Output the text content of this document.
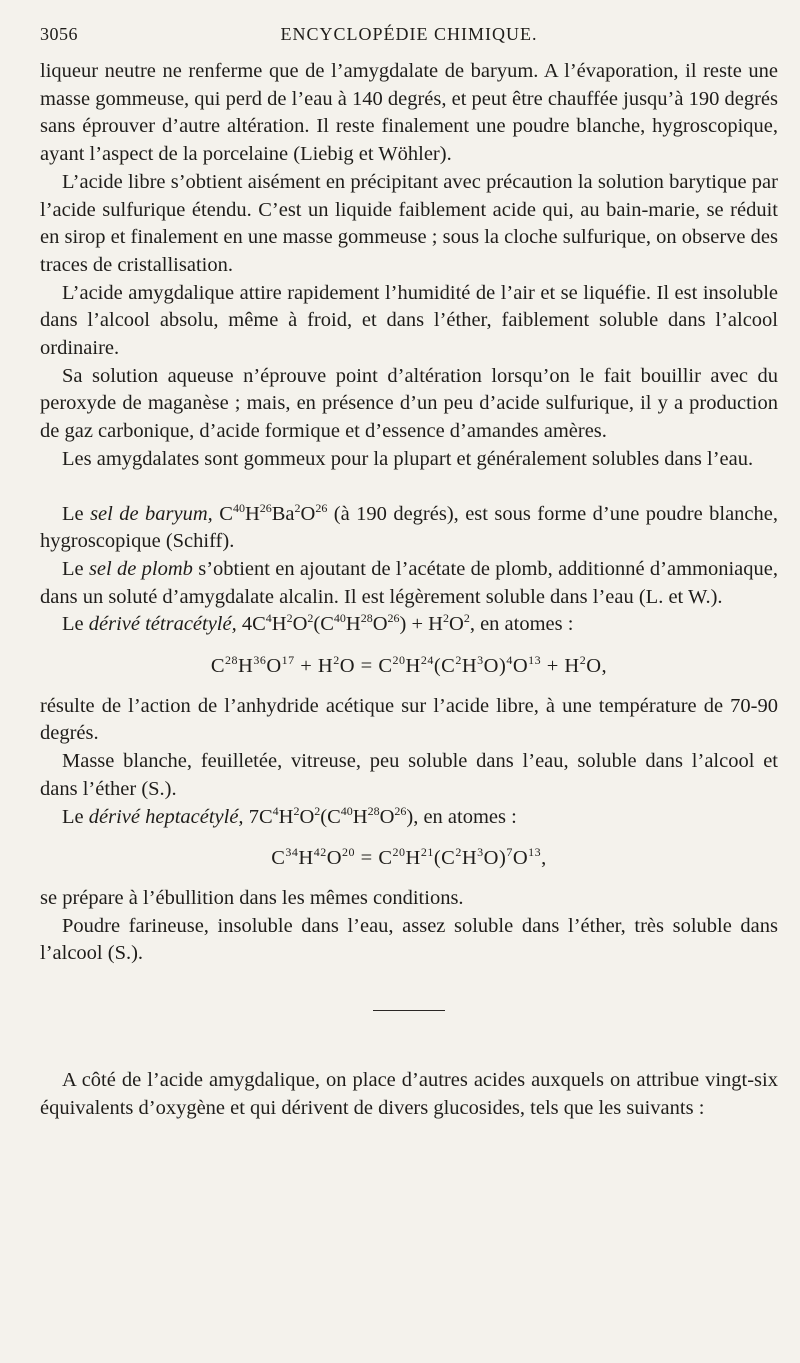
3056	ENCYCLOPÉDIE CHIMIQUE.

liqueur neutre ne renferme que de l’amygdalate de baryum. A l’évaporation, il reste une masse gommeuse, qui perd de l’eau à 140 degrés, et peut être chauffée jusqu’à 190 degrés sans éprouver d’autre altération. Il reste finalement une poudre blanche, hygroscopique, ayant l’aspect de la porcelaine (Liebig et Wöhler).

L’acide libre s’obtient aisément en précipitant avec précaution la solution barytique par l’acide sulfurique étendu. C’est un liquide faiblement acide qui, au bain-marie, se réduit en sirop et finalement en une masse gommeuse ; sous la cloche sulfurique, on observe des traces de cristallisation.

L’acide amygdalique attire rapidement l’humidité de l’air et se liquéfie. Il est insoluble dans l’alcool absolu, même à froid, et dans l’éther, faiblement soluble dans l’alcool ordinaire.

Sa solution aqueuse n’éprouve point d’altération lorsqu’on le fait bouillir avec du peroxyde de maganèse ; mais, en présence d’un peu d’acide sulfurique, il y a production de gaz carbonique, d’acide formique et d’essence d’amandes amères.

Les amygdalates sont gommeux pour la plupart et généralement solubles dans l’eau.

Le sel de baryum, $C^{40}H^{26}Ba^2O^{26}$ (à 190 degrés), est sous forme d’une poudre blanche, hygroscopique (Schiff).

Le sel de plomb s’obtient en ajoutant de l’acétate de plomb, additionné d’ammoniaque, dans un soluté d’amygdalate alcalin. Il est légèrement soluble dans l’eau (L. et W.).

Le dérivé tétracétylé, $4C^4H^2O^2(C^{40}H^{28}O^{26}) + H^2O^2$, en atomes :

$C^{28}H^{36}O^{17} + H^2O = C^{20}H^{24}(C^2H^3O)^4O^{13} + H^2O$,

résulte de l’action de l’anhydride acétique sur l’acide libre, à une température de 70-90 degrés.

Masse blanche, feuilletée, vitreuse, peu soluble dans l’eau, soluble dans l’alcool et dans l’éther (S.).

Le dérivé heptacétylé, $7C^4H^2O^2(C^{40}H^{28}O^{26})$, en atomes :

$C^{34}H^{42}O^{20} = C^{20}H^{21}(C^2H^3O)^7O^{13}$,

se prépare à l’ébullition dans les mêmes conditions.

Poudre farineuse, insoluble dans l’eau, assez soluble dans l’éther, très soluble dans l’alcool (S.).

A côté de l’acide amygdalique, on place d’autres acides auxquels on attribue vingt-six équivalents d’oxygène et qui dérivent de divers glucosides, tels que les suivants :
